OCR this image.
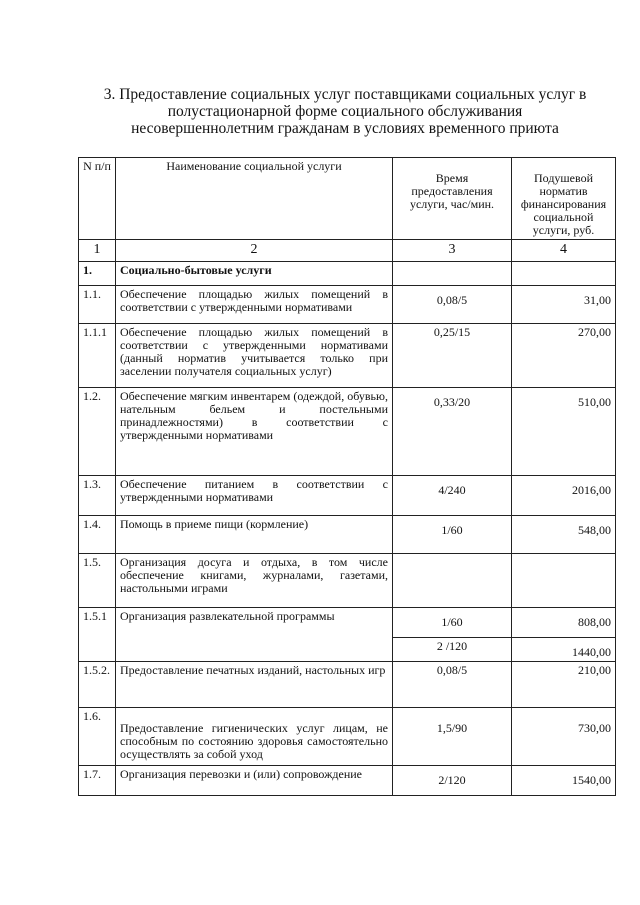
3. Предоставление социальных услуг поставщиками социальных услуг в
полустационарной форме социального обслуживания
несовершеннолетним гражданам в условиях временного приюта
N п/п	Наименование социальной услуги	Время предоставления услуги, час/мин.	Подушевой норматив финансирования социальной услуги, руб.
1	2	3	4
1.	Социально-бытовые услуги		
1.1.	Обеспечение площадью жилых помещений в соответствии с утвержденными нормативами	0,08/5	31,00

1.1.1	Обеспечение площадью жилых помещений в соответствии с утвержденными нормативами (данный норматив учитывается только при заселении получателя социальных услуг)	0,25/15	270,00
1.2.	Обеспечение мягким инвентарем (одеждой, обувью, нательным бельем и постельными принадлежностями) в соответствии с утвержденными нормативами	0,33/20	510,00

1.3.	Обеспечение питанием в соответствии с утвержденными нормативами	4/240	2016,00

1.4.	Помощь в приеме пищи (кормление)	1/60	548,00

1.5.	Организация досуга и отдыха, в том числе обеспечение книгами, журналами, газетами, настольными играми		
1.5.1	Организация развлекательной программы	1/60	808,00

		2 /120	1440,00

1.5.2.	Предоставление печатных изданий, настольных игр	0,08/5	210,00
1.6.	Предоставление гигиенических услуг лицам, не способным по состоянию здоровья самостоятельно осуществлять за собой уход	1,5/90	730,00
1.7.	Организация перевозки и (или) сопровождение	2/120	1540,00
